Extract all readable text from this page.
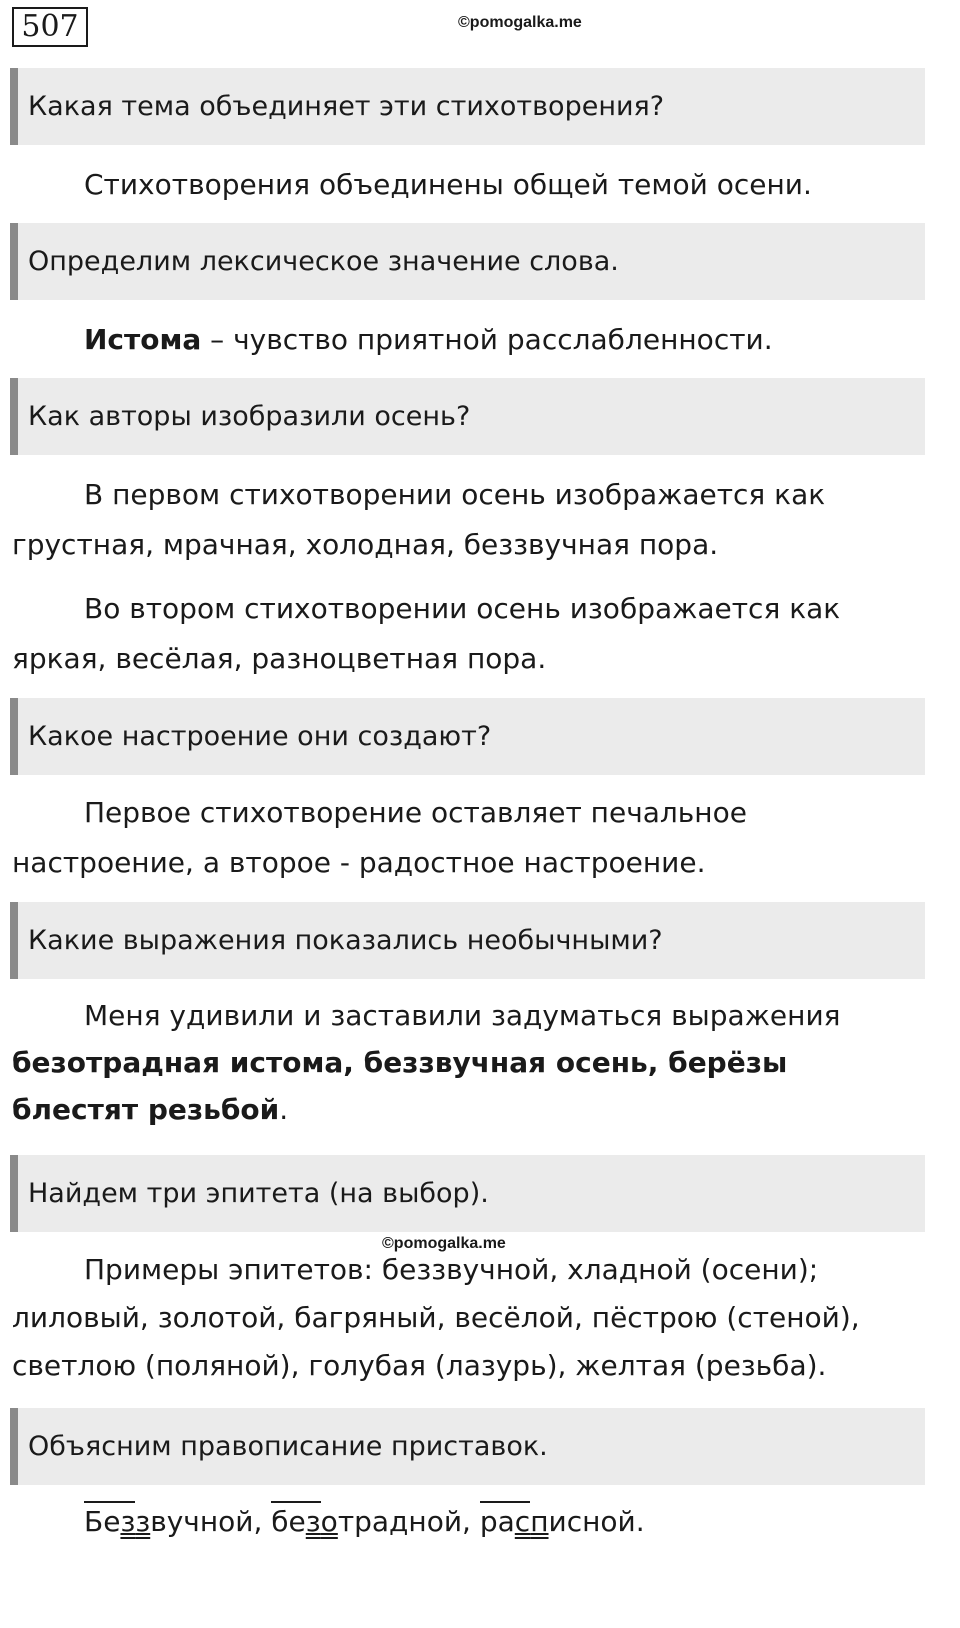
507	©pomogalka.me
Какая тема объединяет эти стихотворения?
Стихотворения объединены общей темой осени.
Определим лексическое значение слова.
Истома – чувство приятной расслабленности.
Как авторы изобразили осень?
В первом стихотворении осень изображается как грустная, мрачная, холодная, беззвучная пора.
Во втором стихотворении осень изображается как яркая, весёлая, разноцветная пора.
Какое настроение они создают?
Первое стихотворение оставляет печальное настроение, а второе - радостное настроение.
Какие выражения показались необычными?
Меня удивили и заставили задуматься выражения безотрадная истома, беззвучная осень, берёзы блестят резьбой.
Найдем три эпитета (на выбор).
©pomogalka.me
Примеры эпитетов: беззвучной, хладной (осени); лиловый, золотой, багряный, весёлой, пёстрою (стеной), светлою (поляной), голубая (лазурь), желтая (резьба).
Объясним правописание приставок.
Беззвучной, безотрадной, расписной.
